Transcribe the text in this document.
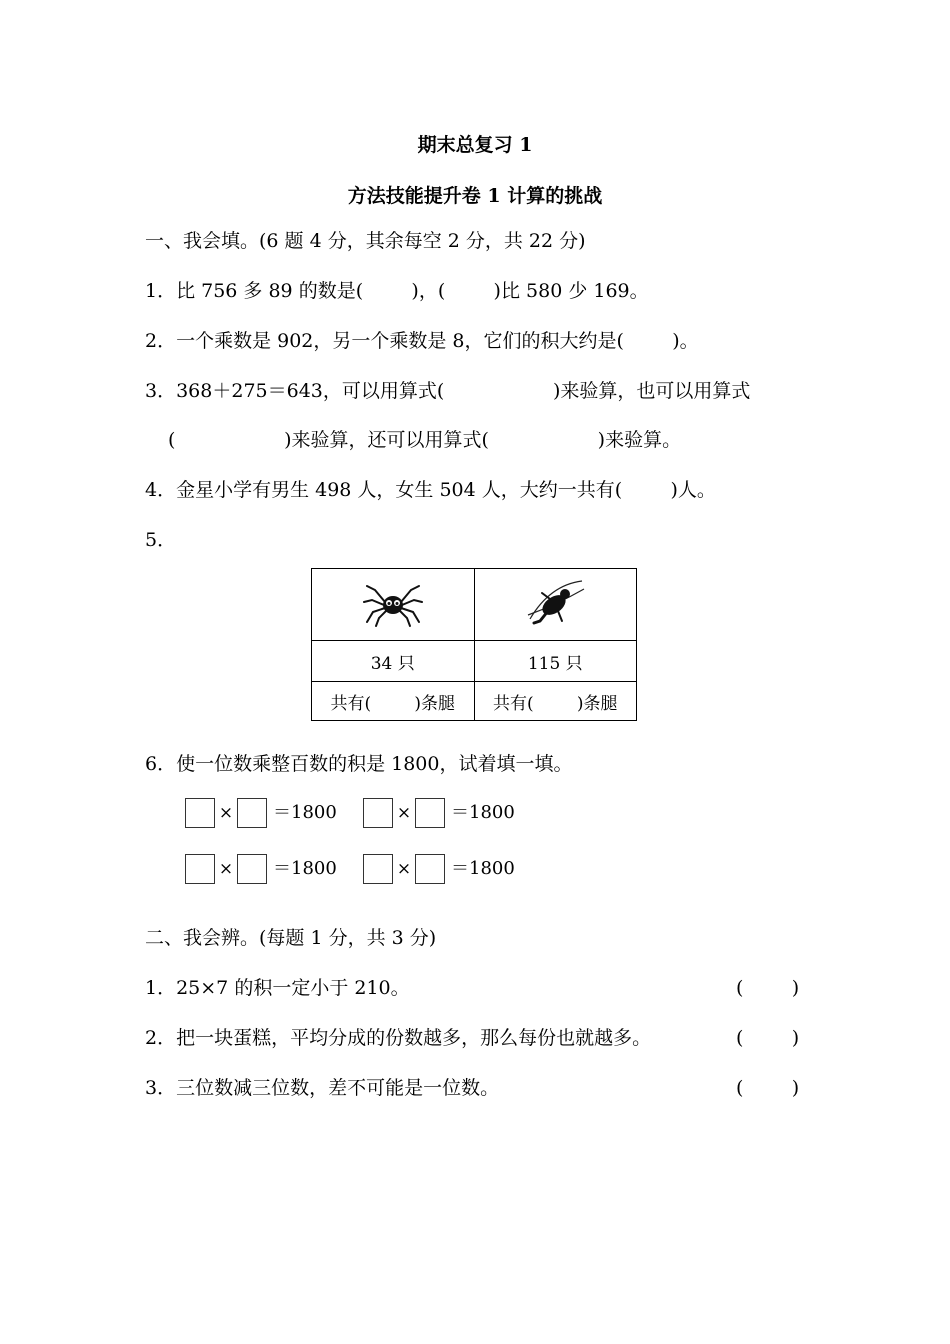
期末总复习 1
方法技能提升卷 1 计算的挑战
一、我会填。(6 题 4 分，其余每空 2 分，共 22 分)
1．比 756 多 89 的数是(        )，(        )比 580 少 169。
2．一个乘数是 902，另一个乘数是 8，它们的积大约是(        )。
3．368＋275＝643，可以用算式(                  )来验算，也可以用算式
(                  )来验算，还可以用算式(                  )来验算。
4．金星小学有男生 498 人，女生 504 人，大约一共有(        )人。
5．

34 只	115 只
共有(        )条腿	共有(        )条腿
6．使一位数乘整百数的积是 1800，试着填一填。
× ＝1800	× ＝1800
× ＝1800	× ＝1800
二、我会辨。(每题 1 分，共 3 分)
1．25×7 的积一定小于 210。	(        )
2．把一块蛋糕，平均分成的份数越多，那么每份也就越多。	(        )
3．三位数减三位数，差不可能是一位数。	(        )
